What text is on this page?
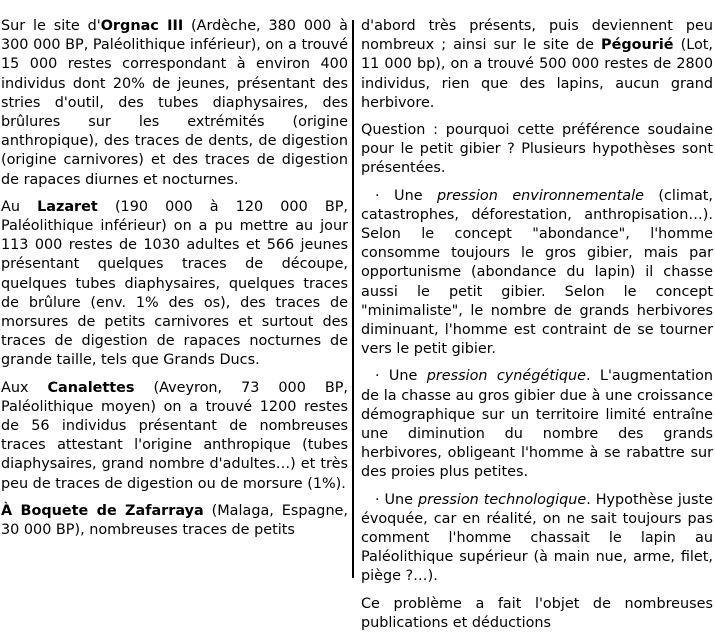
Sur le site d'Orgnac III (Ardèche, 380 000 à 300 000 BP, Paléolithique inférieur), on a trouvé 15 000 restes correspondant à environ 400 individus dont 20% de jeunes, présentant des stries d'outil, des tubes diaphysaires, des brûlures sur les extrémités (origine anthropique), des traces de dents, de digestion (origine carnivores) et des traces de digestion de rapaces diurnes et nocturnes.

Au Lazaret (190 000 à 120 000 BP, Paléolithique inférieur) on a pu mettre au jour 113 000 restes de 1030 adultes et 566 jeunes présentant quelques traces de découpe, quelques tubes diaphysaires, quelques traces de brûlure (env. 1% des os), des traces de morsures de petits carnivores et surtout des traces de digestion de rapaces nocturnes de grande taille, tels que Grands Ducs.

Aux Canalettes (Aveyron, 73 000 BP, Paléolithique moyen) on a trouvé 1200 restes de 56 individus présentant de nombreuses traces attestant l'origine anthropique (tubes diaphysaires, grand nombre d'adultes…) et très peu de traces de digestion ou de morsure (1%).

À Boquete de Zafarraya (Malaga, Espagne, 30 000 BP), nombreuses traces de petits

d'abord très présents, puis deviennent peu nombreux ; ainsi sur le site de Pégourié (Lot, 11 000 bp), on a trouvé 500 000 restes de 2800 individus, rien que des lapins, aucun grand herbivore.

Question : pourquoi cette préférence soudaine pour le petit gibier ? Plusieurs hypothèses sont présentées.

· Une pression environnementale (climat, catastrophes, déforestation, anthropisation…). Selon le concept "abondance", l'homme consomme toujours le gros gibier, mais par opportunisme (abondance du lapin) il chasse aussi le petit gibier. Selon le concept "minimaliste", le nombre de grands herbivores diminuant, l'homme est contraint de se tourner vers le petit gibier.

· Une pression cynégétique. L'augmentation de la chasse au gros gibier due à une croissance démographique sur un territoire limité entraîne une diminution du nombre des grands herbivores, obligeant l'homme à se rabattre sur des proies plus petites.

· Une pression technologique. Hypothèse juste évoquée, car en réalité, on ne sait toujours pas comment l'homme chassait le lapin au Paléolithique supérieur (à main nue, arme, filet, piège ?…).

Ce problème a fait l'objet de nombreuses publications et déductions
